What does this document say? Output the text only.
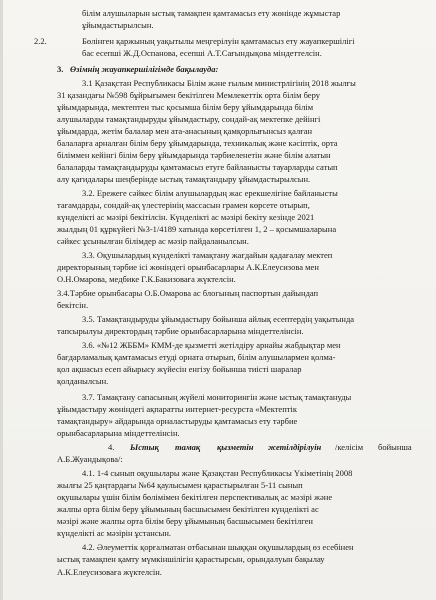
білім алушыларын ыстық тамақпен қамтамасыз ету жөнінде жұмыстар
ұйымдастырылсын.
2.2.	Бөлінген қаржының уақытылы меңгерілуін қамтамасыз ету жауапкершілігі
бас есепші Ж.Д.Оспанова, есепші А.Т.Сағындықова міндеттелсін.
3. Өзімнің жауапкершілігімде бақылауда:
3.1 Қазақстан Республикасы Білім және ғылым министрлігінің 2018 жылғы
31 қазандағы №598 бұйрығымен бекітілген Мемлекеттік орта білім беру
ұйымдарында, мектептен тыс қосымша білім беру ұйымдарында білім
алушыларды тамақтандыруды ұйымдастыру, сондай-ақ мектепке дейінгі
ұйымдарда, жетім балалар мен ата-анасының қамқорлығынсыз қалған
балаларға арналған білім беру ұйымдарында, техникалық және кәсіптік, орта
біліммен кейінгі білім беру ұйымдарында тәрбиеленетін және білім алатын
балаларды тамақтандыруды қамтамасыз етуге байланысты тауарларды сатып
алу қағидалары шеңберінде ыстық тамақтандыру ұйымдастырылсын.
3.2. Ережеге сәйкес білім алушылардың жас ерекшелігіне байланысты
тағамдарды, сондай-ақ үлестерінің массасын грамен көрсете отырып,
күнделікті ас мәзірі бекітілсін. Күнделікті ас мәзірі бекіту кезінде 2021
жылдың 01 құркүйегі №3-1/4189 хатында көрсетілген 1, 2 – қосымшаларына
сәйкес ұсынылған білімдер ас мәзір пайдаланылсын.
3.3. Оқушылардың күнделікті тамақтану жағдайын қадағалау мектеп
директорының тәрбие ісі жөніндегі орынбасарлары А.К.Елеусизова мен
О.Н.Омарова, медбике Г.К.Бакизоваға жүктелсін.
3.4.Тәрбие орынбасары О.Б.Омарова ас блогының паспортын дайындап
бекітсін.
3.5. Тамақтандыруды ұйымдастыру бойынша айлық есептердің уақытында
тапсырылуы директордың тәрбие орынбасарларына міндеттелінсін.
3.6. «№12 ЖББМ» КММ-де қызметті жетілдіру арнайы жабдықтар мен
бағдарламалық қамтамасыз етуді орната отырып, білім алушылармен қолма-
қол ақшасыз есеп айырысу жүйесін енгізу бойынша тиісті шаралар
қолданылсын.
3.7. Тамақтану сапасының жүйелі мониторингін және ыстық тамақтануды
ұйымдастыру жөніндегі ақпаратты интернет-ресурста «Мектептік
тамақтандыру» айдарында орналастыруды қамтамасыз ету тәрбие
орынбасарларына міндеттелінсін.
4. Ыстық тамақ қызметін жетілдірілуін /келісім бойынша
А.Б.Жуандықова/:
4.1. 1-4 сынып оқушылары және Қазақстан Республикасы Үкіметінің 2008
жылғы 25 қаңтардағы №64 қаулысымен қарастырылған 5-11 сынып
оқушылары үшін білім бөлімімен бекітілген перспективалық ас мәзірі және
жалпы орта білім беру ұйымының басшысымен бекітілген күнделікті ас
мәзірі және жалпы орта білім беру ұйымының басшысымен бекітілген
күнделікті ас мәзірін ұстансын.
4.2. Әлеуметтік қорғалматан отбасынан шыққан оқушылардың өз есебінен
ыстық тамақпен қамту мүмкіншілігін қарастырсын, орындалуын бақылау
А.К.Елеусизоваға жүктелсін.
